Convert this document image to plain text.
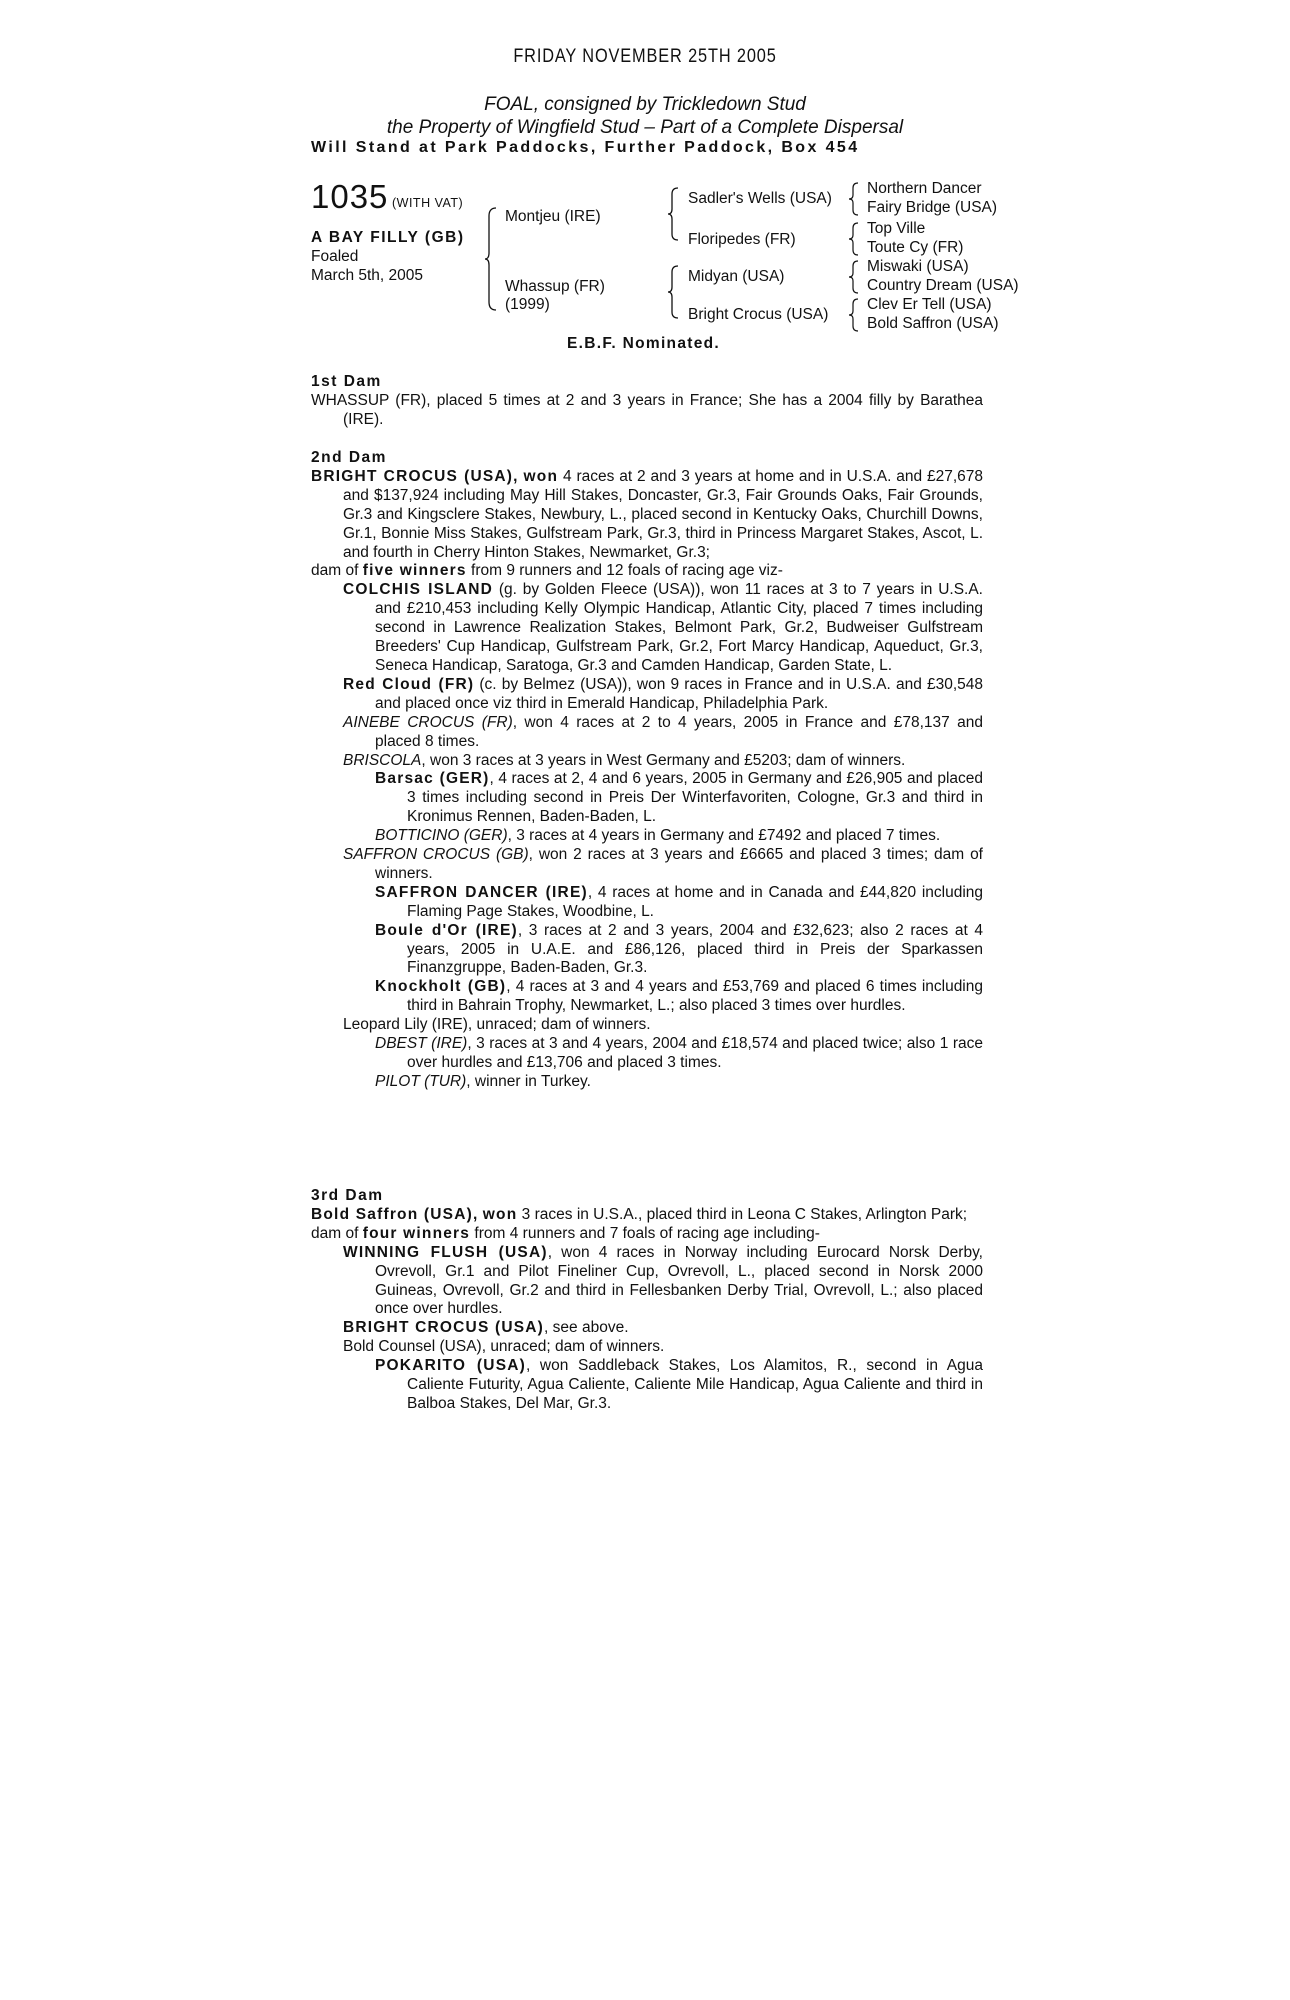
FRIDAY NOVEMBER 25TH 2005
FOAL, consigned by Trickledown Stud
the Property of Wingfield Stud – Part of a Complete Dispersal
Will Stand at Park Paddocks, Further Paddock, Box 454
1035 (WITH VAT)
A BAY FILLY (GB)
Foaled
March 5th, 2005
Montjeu (IRE)
Whassup (FR)
(1999)
Sadler's Wells (USA)
Floripedes (FR)
Midyan (USA)
Bright Crocus (USA)
Northern Dancer
Fairy Bridge (USA)
Top Ville
Toute Cy (FR)
Miswaki (USA)
Country Dream (USA)
Clev Er Tell (USA)
Bold Saffron (USA)
E.B.F. Nominated.

1st Dam

WHASSUP (FR), placed 5 times at 2 and 3 years in France; She has a 2004 filly by Barathea (IRE).

2nd Dam

BRIGHT CROCUS (USA), won 4 races at 2 and 3 years at home and in U.S.A. and £27,678 and $137,924 including May Hill Stakes, Doncaster, Gr.3, Fair Grounds Oaks, Fair Grounds, Gr.3 and Kingsclere Stakes, Newbury, L., placed second in Kentucky Oaks, Churchill Downs, Gr.1, Bonnie Miss Stakes, Gulfstream Park, Gr.3, third in Princess Margaret Stakes, Ascot, L. and fourth in Cherry Hinton Stakes, Newmarket, Gr.3;

dam of five winners from 9 runners and 12 foals of racing age viz-

COLCHIS ISLAND (g. by Golden Fleece (USA)), won 11 races at 3 to 7 years in U.S.A. and £210,453 including Kelly Olympic Handicap, Atlantic City, placed 7 times including second in Lawrence Realization Stakes, Belmont Park, Gr.2, Budweiser Gulfstream Breeders' Cup Handicap, Gulfstream Park, Gr.2, Fort Marcy Handicap, Aqueduct, Gr.3, Seneca Handicap, Saratoga, Gr.3 and Camden Handicap, Garden State, L.

Red Cloud (FR) (c. by Belmez (USA)), won 9 races in France and in U.S.A. and £30,548 and placed once viz third in Emerald Handicap, Philadelphia Park.

AINEBE CROCUS (FR), won 4 races at 2 to 4 years, 2005 in France and £78,137 and placed 8 times.

BRISCOLA, won 3 races at 3 years in West Germany and £5203; dam of winners.

Barsac (GER), 4 races at 2, 4 and 6 years, 2005 in Germany and £26,905 and placed 3 times including second in Preis Der Winterfavoriten, Cologne, Gr.3 and third in Kronimus Rennen, Baden-Baden, L.

BOTTICINO (GER), 3 races at 4 years in Germany and £7492 and placed 7 times.

SAFFRON CROCUS (GB), won 2 races at 3 years and £6665 and placed 3 times; dam of winners.

SAFFRON DANCER (IRE), 4 races at home and in Canada and £44,820 including Flaming Page Stakes, Woodbine, L.

Boule d'Or (IRE), 3 races at 2 and 3 years, 2004 and £32,623; also 2 races at 4 years, 2005 in U.A.E. and £86,126, placed third in Preis der Sparkassen Finanzgruppe, Baden-Baden, Gr.3.

Knockholt (GB), 4 races at 3 and 4 years and £53,769 and placed 6 times including third in Bahrain Trophy, Newmarket, L.; also placed 3 times over hurdles.

Leopard Lily (IRE), unraced; dam of winners.

DBEST (IRE), 3 races at 3 and 4 years, 2004 and £18,574 and placed twice; also 1 race over hurdles and £13,706 and placed 3 times.

PILOT (TUR), winner in Turkey.

3rd Dam

Bold Saffron (USA), won 3 races in U.S.A., placed third in Leona C Stakes, Arlington Park;

dam of four winners from 4 runners and 7 foals of racing age including-

WINNING FLUSH (USA), won 4 races in Norway including Eurocard Norsk Derby, Ovrevoll, Gr.1 and Pilot Fineliner Cup, Ovrevoll, L., placed second in Norsk 2000 Guineas, Ovrevoll, Gr.2 and third in Fellesbanken Derby Trial, Ovrevoll, L.; also placed once over hurdles.

BRIGHT CROCUS (USA), see above.

Bold Counsel (USA), unraced; dam of winners.

POKARITO (USA), won Saddleback Stakes, Los Alamitos, R., second in Agua Caliente Futurity, Agua Caliente, Caliente Mile Handicap, Agua Caliente and third in Balboa Stakes, Del Mar, Gr.3.
